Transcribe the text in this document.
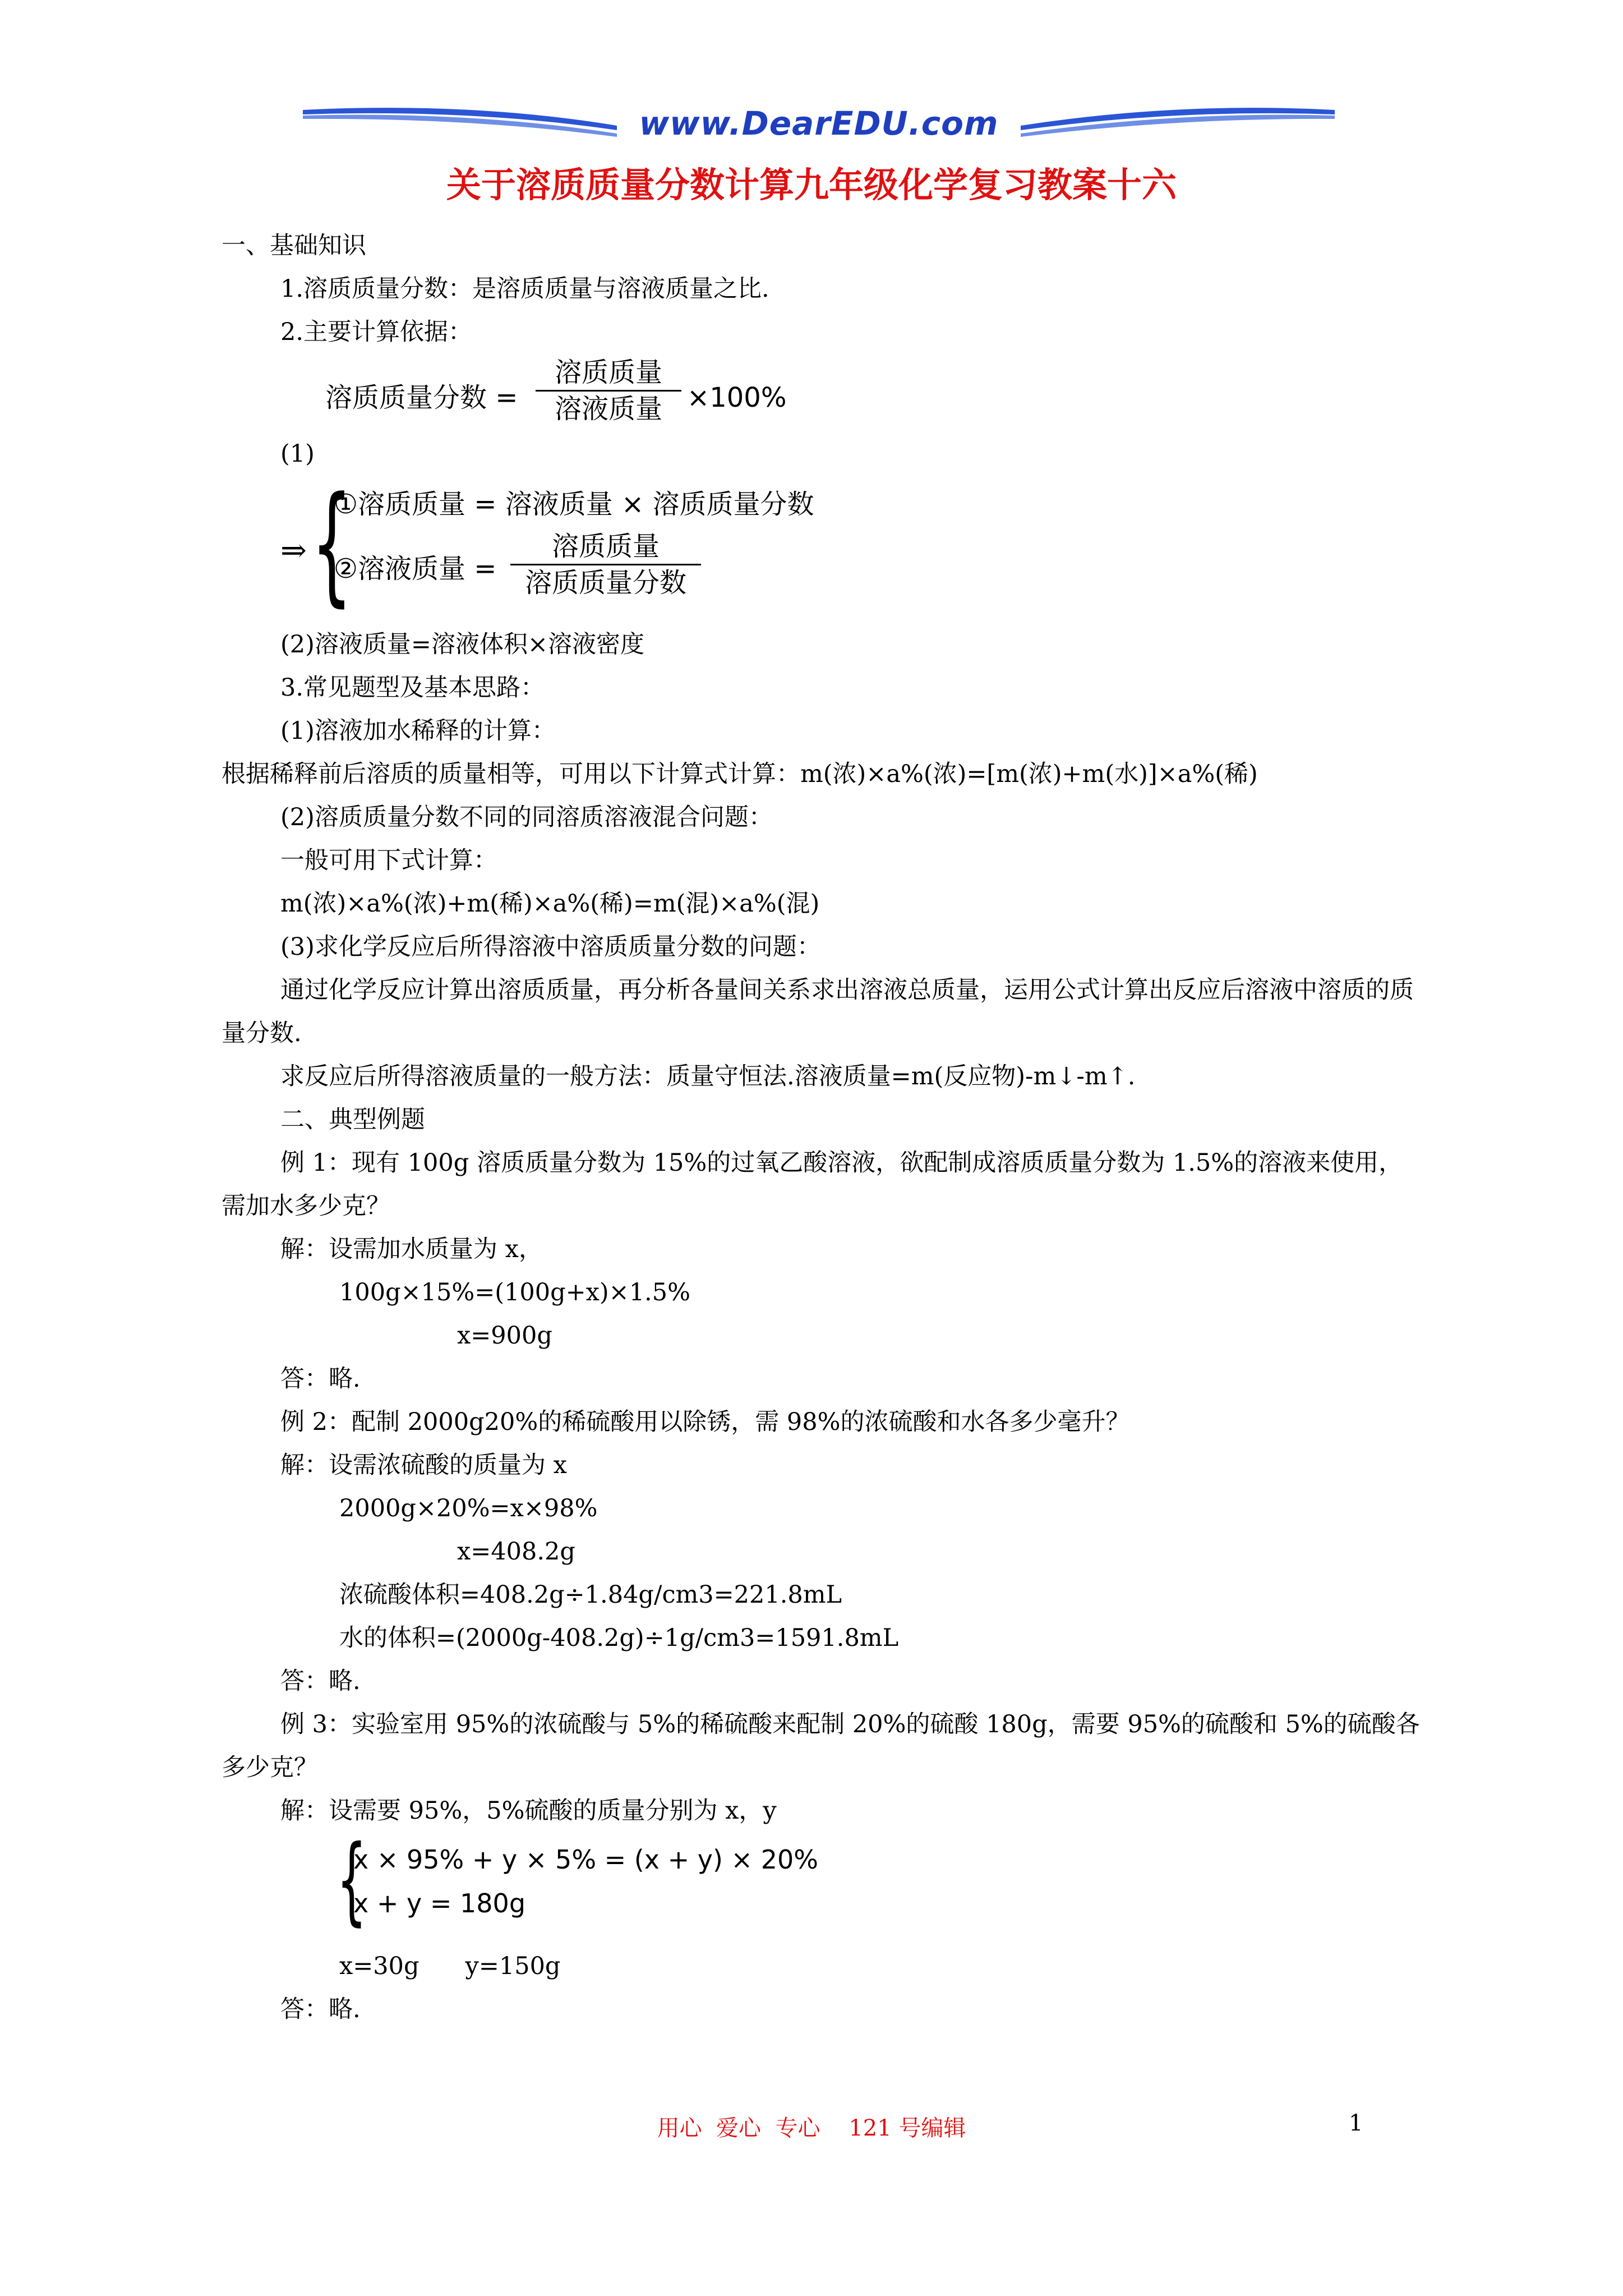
www.DearEDU.com
关于溶质质量分数计算九年级化学复习教案十六
一、基础知识
1.溶质质量分数：是溶质质量与溶液质量之比.
2.主要计算依据：
(1)
溶质质量分数 =
溶质质量
溶液质量 ×100%
⇒ {
①溶质质量 = 溶液质量 × 溶质质量分数
②溶液质量 =
溶质质量
溶质质量分数
(2)溶液质量=溶液体积×溶液密度
3.常见题型及基本思路：
(1)溶液加水稀释的计算：
根据稀释前后溶质的质量相等，可用以下计算式计算：m(浓)×a%(浓)=[m(浓)+m(水)]×a%(稀)
(2)溶质质量分数不同的同溶质溶液混合问题：
一般可用下式计算：
m(浓)×a%(浓)+m(稀)×a%(稀)=m(混)×a%(混)
(3)求化学反应后所得溶液中溶质质量分数的问题：
通过化学反应计算出溶质质量，再分析各量间关系求出溶液总质量，运用公式计算出反应后溶液中溶质的质量分数.
求反应后所得溶液质量的一般方法：质量守恒法.溶液质量=m(反应物)-m↓-m↑.
二、典型例题
例 1：现有 100g 溶质质量分数为 15%的过氧乙酸溶液，欲配制成溶质质量分数为 1.5%的溶液来使用，需加水多少克？
解：设需加水质量为 x，
100g×15%=(100g+x)×1.5%
x=900g
答：略.
例 2：配制 2000g20%的稀硫酸用以除锈，需 98%的浓硫酸和水各多少毫升？
解：设需浓硫酸的质量为 x
2000g×20%=x×98%
x=408.2g
浓硫酸体积=408.2g÷1.84g/cm3=221.8mL
水的体积=(2000g-408.2g)÷1g/cm3=1591.8mL
答：略.
例 3：实验室用 95%的浓硫酸与 5%的稀硫酸来配制 20%的硫酸 180g，需要 95%的硫酸和 5%的硫酸各多少克？
解：设需要 95%，5%硫酸的质量分别为 x，y
{
x × 95% + y × 5% = (x + y) × 20%
x + y = 180g
x=30g      y=150g
答：略.
用心  爱心  专心    121 号编辑	1
